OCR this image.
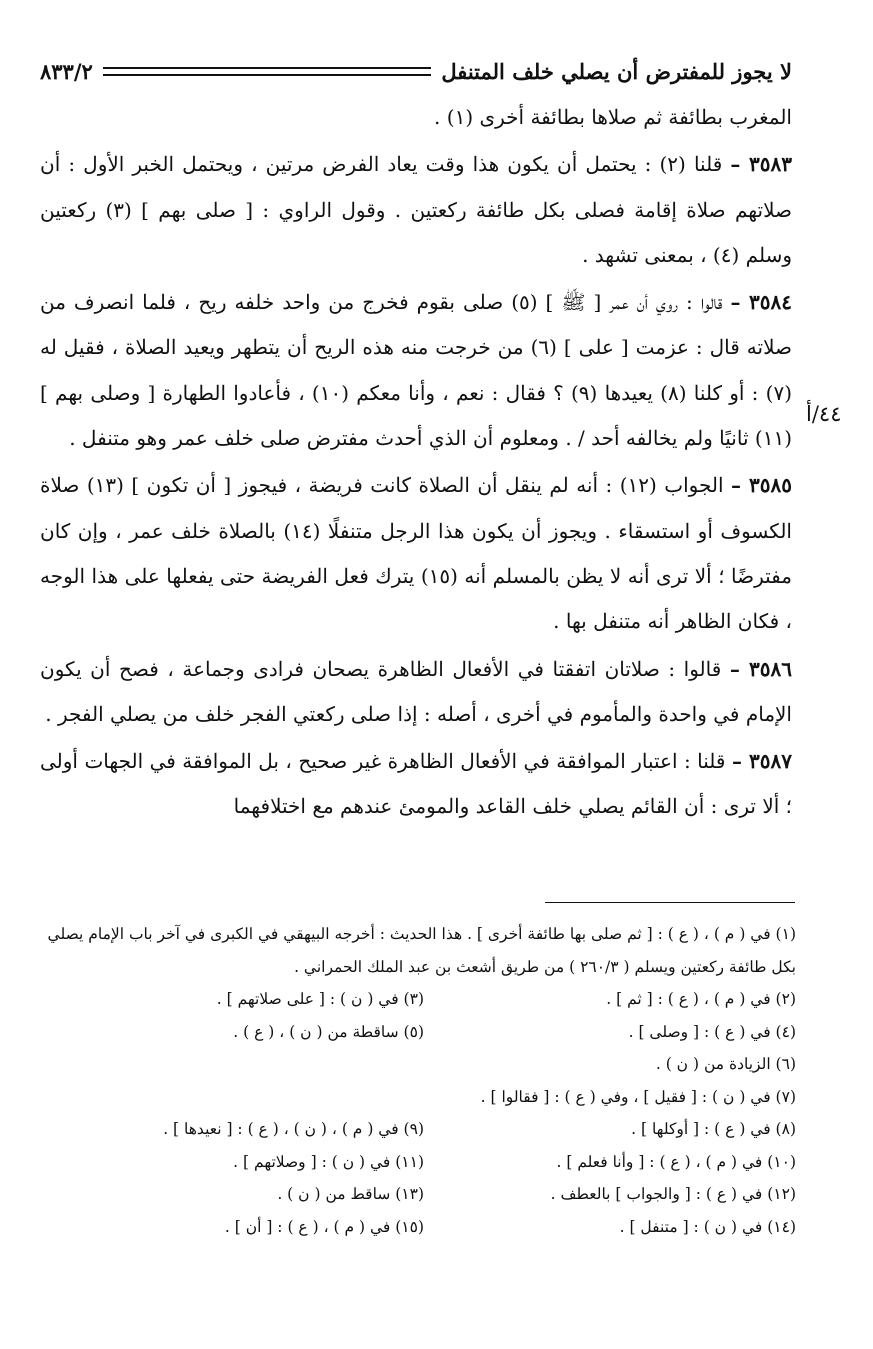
لا يجوز للمفترض أن يصلي خلف المتنفل
٨٣٣/٢

المغرب بطائفة ثم صلاها بطائفة أخرى (١) .

٣٥٨٣ – قلنا (٢) : يحتمل أن يكون هذا وقت يعاد الفرض مرتين ، ويحتمل الخبر الأول : أن صلاتهم صلاة إقامة فصلى بكل طائفة ركعتين . وقول الراوي : [ صلى بهم ] (٣) ركعتين وسلم (٤) ، بمعنى تشهد .

٣٥٨٤ – قالوا : روي أن عمر [ ﷺ ] (٥) صلى بقوم فخرج من واحد خلفه ريح ، فلما انصرف من صلاته قال : عزمت [ على ] (٦) من خرجت منه هذه الريح أن يتطهر ويعيد الصلاة ، فقيل له (٧) : أو كلنا (٨) يعيدها (٩) ؟ فقال : نعم ، وأنا معكم (١٠) ، فأعادوا الطهارة [ وصلى بهم ] (١١) ثانيًا ولم يخالفه أحد / . ومعلوم أن الذي أحدث مفترض صلى خلف عمر وهو متنفل .

٣٥٨٥ – الجواب (١٢) : أنه لم ينقل أن الصلاة كانت فريضة ، فيجوز [ أن تكون ] (١٣) صلاة الكسوف أو استسقاء . ويجوز أن يكون هذا الرجل متنفلًا (١٤) بالصلاة خلف عمر ، وإن كان مفترضًا ؛ ألا ترى أنه لا يظن بالمسلم أنه (١٥) يترك فعل الفريضة حتى يفعلها على هذا الوجه ، فكان الظاهر أنه متنفل بها .

٣٥٨٦ – قالوا : صلاتان اتفقتا في الأفعال الظاهرة يصحان فرادى وجماعة ، فصح أن يكون الإمام في واحدة والمأموم في أخرى ، أصله : إذا صلى ركعتي الفجر خلف من يصلي الفجر .

٣٥٨٧ – قلنا : اعتبار الموافقة في الأفعال الظاهرة غير صحيح ، بل الموافقة في الجهات أولى ؛ ألا ترى : أن القائم يصلي خلف القاعد والمومئ عندهم مع اختلافهما

٤٤/أ
(١) في ( م ) ، ( ع ) : [ ثم صلى بها طائفة أخرى ] . هذا الحديث : أخرجه البيهقي في الكبرى في آخر باب الإمام يصلي بكل طائفة ركعتين ويسلم ( ٢٦٠/٣ ) من طريق أشعث بن عبد الملك الحمراني .
(٢) في ( م ) ، ( ع ) : [ ثم ] .
(٣) في ( ن ) : [ على صلاتهم ] .
(٤) في ( ع ) : [ وصلى ] .
(٥) ساقطة من ( ن ) ، ( ع ) .
(٦) الزيادة من ( ن ) .
(٧) في ( ن ) : [ فقيل ] ، وفي ( ع ) : [ فقالوا ] .
(٨) في ( ع ) : [ أوكلها ] .
(٩) في ( م ) ، ( ن ) ، ( ع ) : [ نعيدها ] .
(١٠) في ( م ) ، ( ع ) : [ وأنا فعلم ] .
(١١) في ( ن ) : [ وصلاتهم ] .
(١٢) في ( ع ) : [ والجواب ] بالعطف .
(١٣) ساقط من ( ن ) .
(١٤) في ( ن ) : [ متنفل ] .
(١٥) في ( م ) ، ( ع ) : [ أن ] .
